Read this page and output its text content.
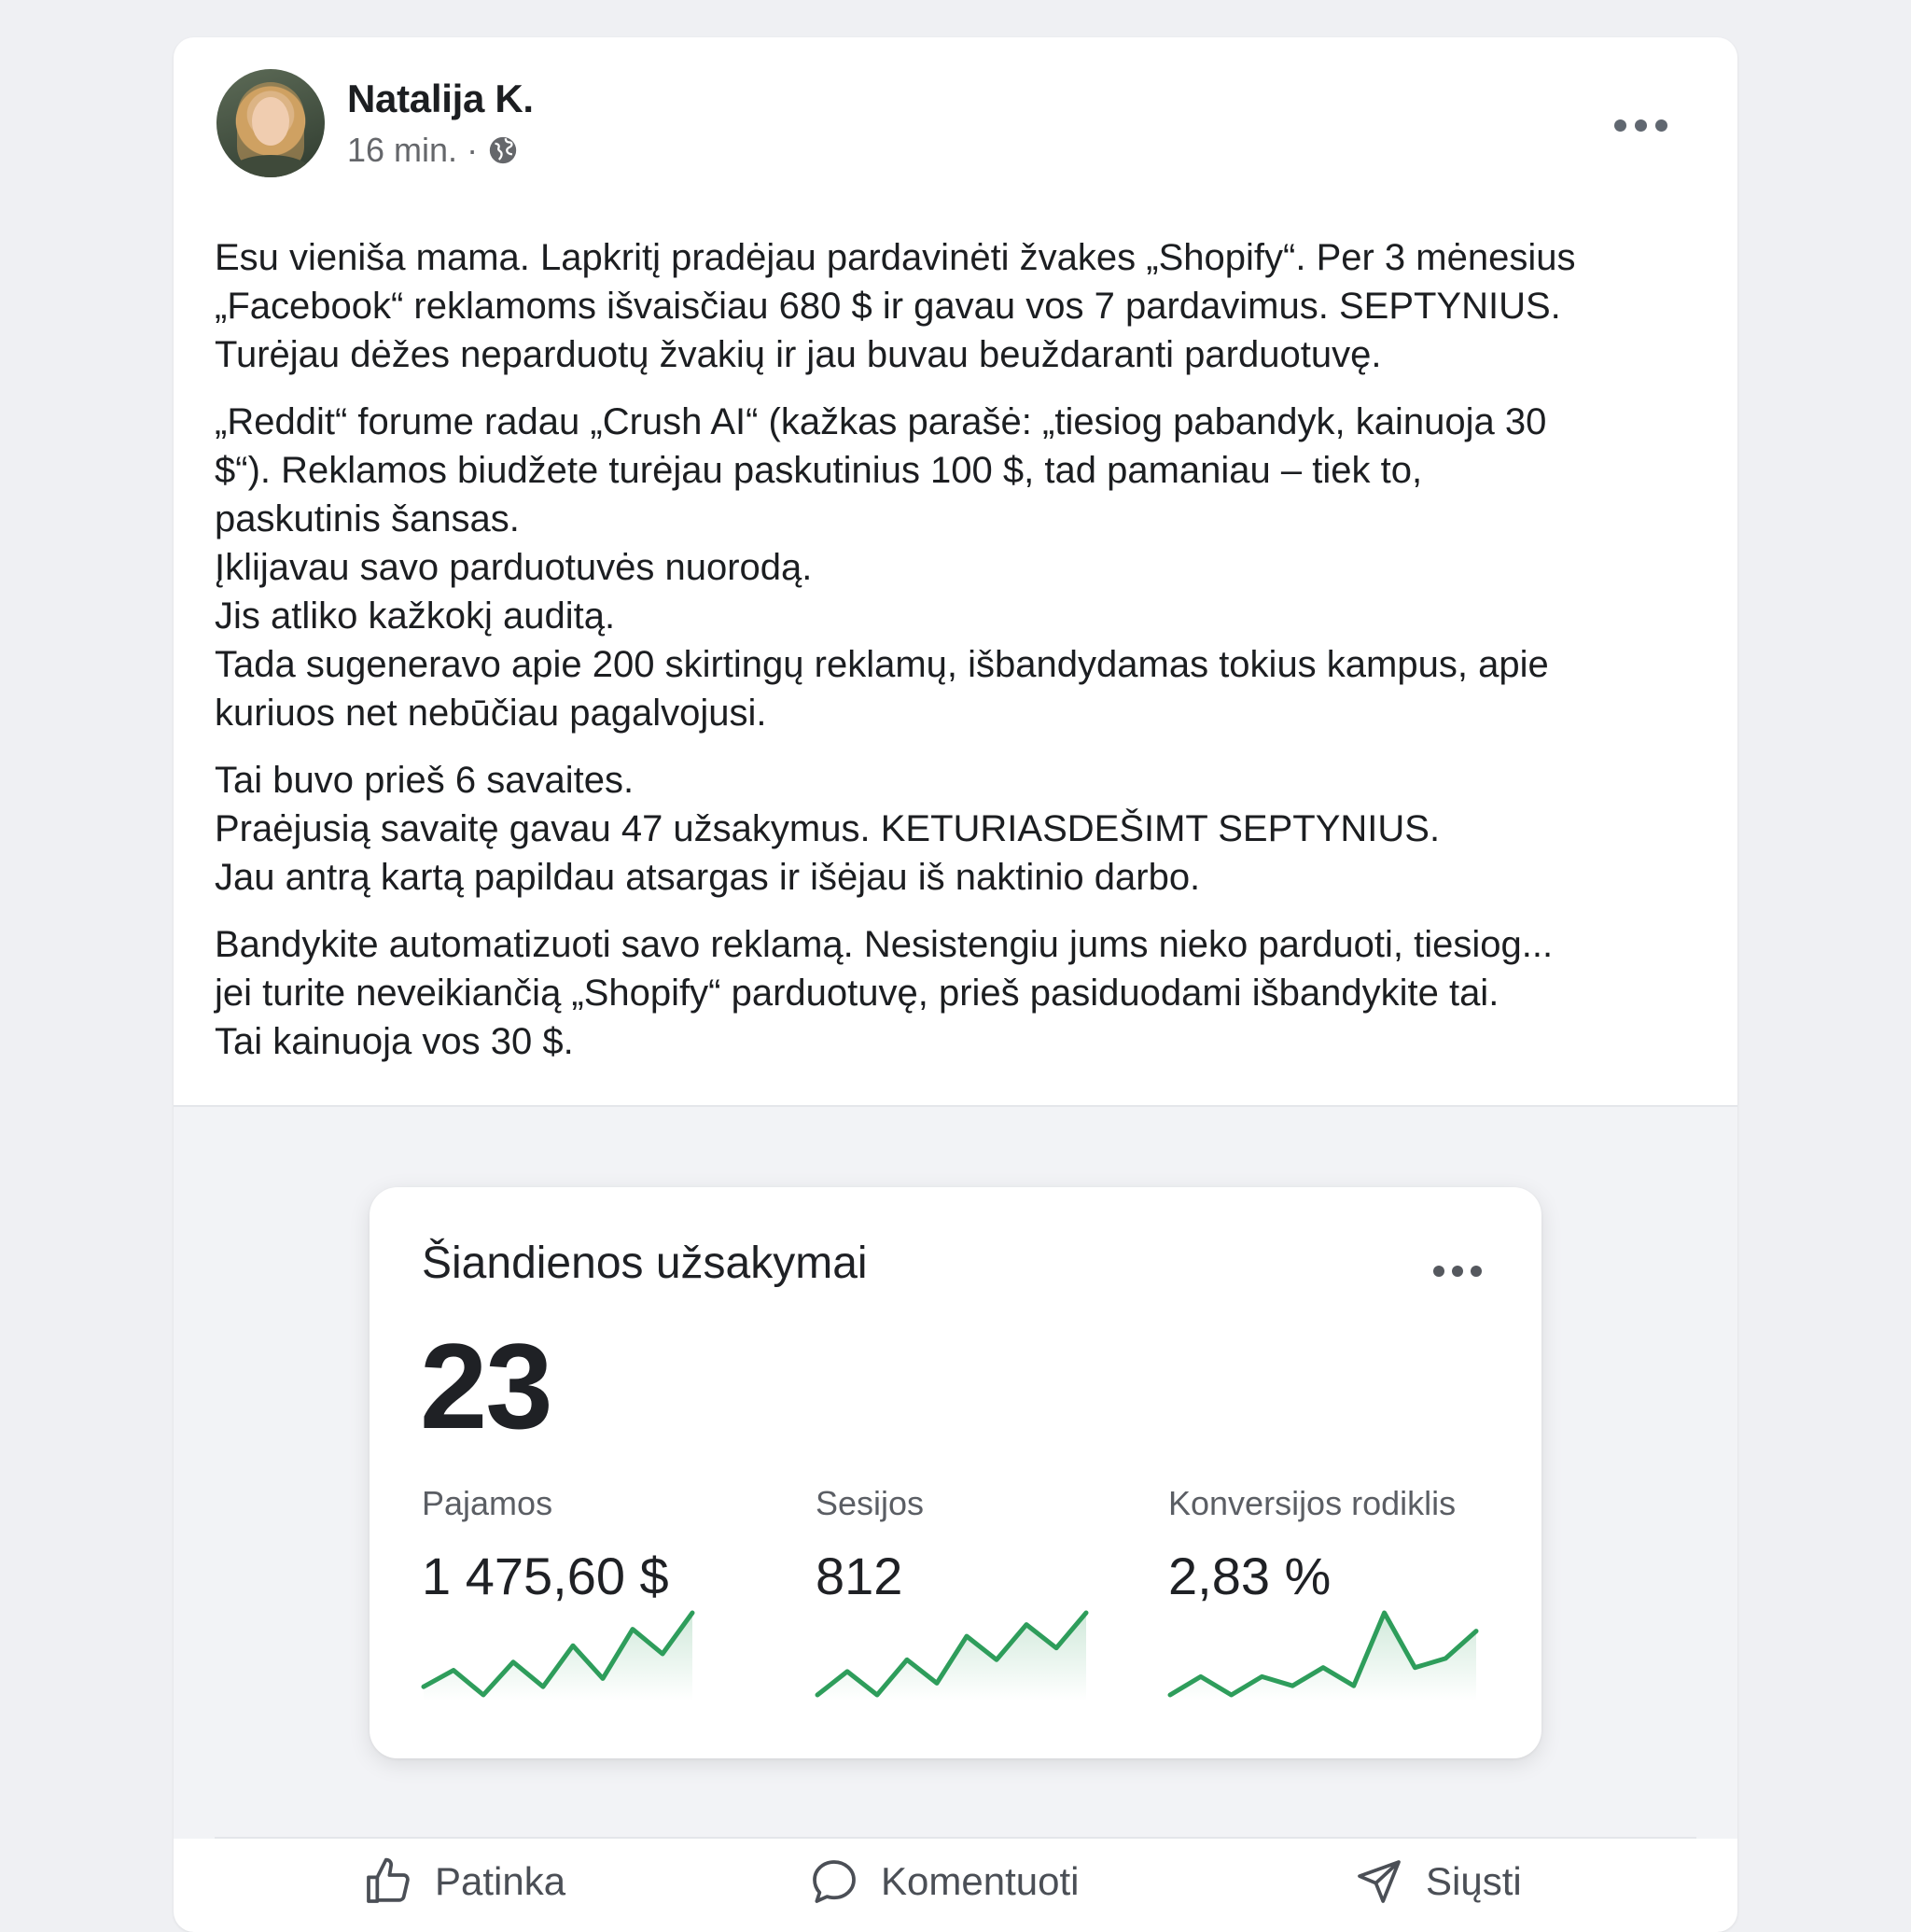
Natalija K.
16 min. ·
Esu vieniša mama. Lapkritį pradėjau pardavinėti žvakes „Shopify“. Per 3 mėnesius
„Facebook“ reklamoms išvaisčiau 680 $ ir gavau vos 7 pardavimus. SEPTYNIUS.
Turėjau dėžes neparduotų žvakių ir jau buvau beuždaranti parduotuvę.
„Reddit“ forume radau „Crush AI“ (kažkas parašė: „tiesiog pabandyk, kainuoja 30
$“). Reklamos biudžete turėjau paskutinius 100 $, tad pamaniau – tiek to,
paskutinis šansas.
Įklijavau savo parduotuvės nuorodą.
Jis atliko kažkokį auditą.
Tada sugeneravo apie 200 skirtingų reklamų, išbandydamas tokius kampus, apie
kuriuos net nebūčiau pagalvojusi.
Tai buvo prieš 6 savaites.
Praėjusią savaitę gavau 47 užsakymus. KETURIASDEŠIMT SEPTYNIUS.
Jau antrą kartą papildau atsargas ir išėjau iš naktinio darbo.
Bandykite automatizuoti savo reklamą. Nesistengiu jums nieko parduoti, tiesiog...
jei turite neveikiančią „Shopify“ parduotuvę, prieš pasiduodami išbandykite tai.
Tai kainuoja vos 30 $.
Šiandienos užsakymai
23
Pajamos
1 475,60 $
Sesijos
812
Konversijos rodiklis
2,83 %
Patinka	Komentuoti	Siųsti
